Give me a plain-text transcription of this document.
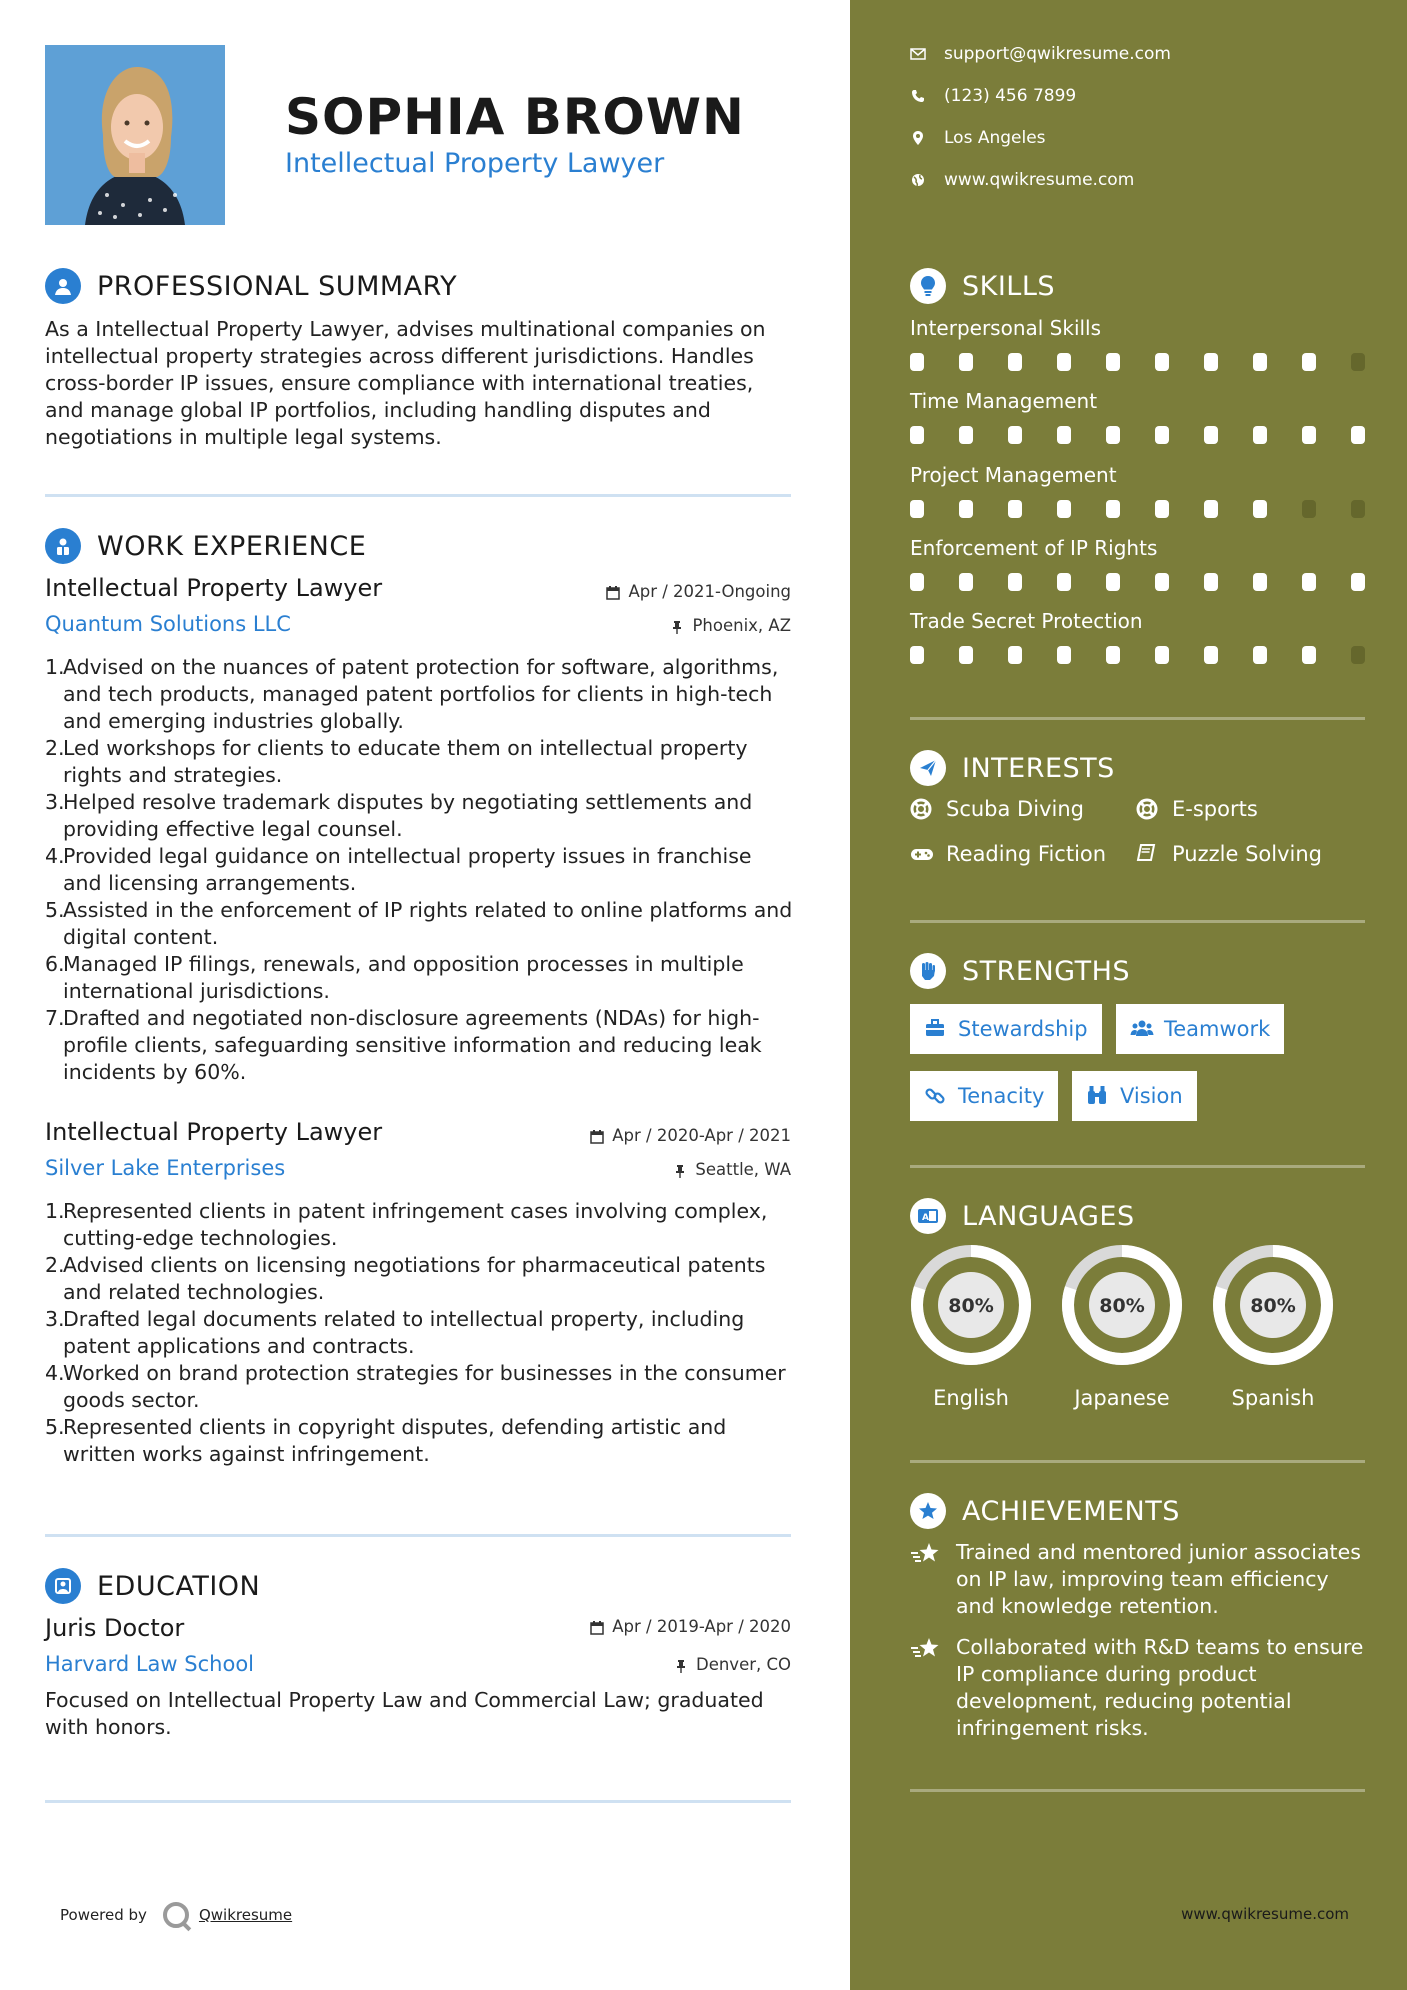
SOPHIA BROWN
Intellectual Property Lawyer
PROFESSIONAL SUMMARY
As a Intellectual Property Lawyer, advises multinational companies on intellectual property strategies across different jurisdictions. Handles cross-border IP issues, ensure compliance with international treaties, and manage global IP portfolios, including handling disputes and negotiations in multiple legal systems.
WORK EXPERIENCE
Intellectual Property Lawyer	Apr / 2021-Ongoing
Quantum Solutions LLC	Phoenix, AZ
1.
Advised on the nuances of patent protection for software, algorithms, and tech products, managed patent portfolios for clients in high-tech and emerging industries globally.
2.
Led workshops for clients to educate them on intellectual property rights and strategies.
3.
Helped resolve trademark disputes by negotiating settlements and providing effective legal counsel.
4.
Provided legal guidance on intellectual property issues in franchise and licensing arrangements.
5.
Assisted in the enforcement of IP rights related to online platforms and digital content.
6.
Managed IP filings, renewals, and opposition processes in multiple international jurisdictions.
7.
Drafted and negotiated non-disclosure agreements (NDAs) for high-profile clients, safeguarding sensitive information and reducing leak incidents by 60%.
Intellectual Property Lawyer	Apr / 2020-Apr / 2021
Silver Lake Enterprises	Seattle, WA
1.
Represented clients in patent infringement cases involving complex, cutting-edge technologies.
2.
Advised clients on licensing negotiations for pharmaceutical patents and related technologies.
3.
Drafted legal documents related to intellectual property, including patent applications and contracts.
4.
Worked on brand protection strategies for businesses in the consumer goods sector.
5.
Represented clients in copyright disputes, defending artistic and written works against infringement.
EDUCATION
Juris Doctor	Apr / 2019-Apr / 2020
Harvard Law School	Denver, CO
Focused on Intellectual Property Law and Commercial Law; graduated with honors.
Powered by	Qwikresume
support@qwikresume.com
(123) 456 7899
Los Angeles
www.qwikresume.com
SKILLS
Interpersonal Skills
Time Management
Project Management
Enforcement of IP Rights
Trade Secret Protection
INTERESTS
Scuba Diving	E-sports
Reading Fiction	Puzzle Solving
STRENGTHS
Stewardship	Teamwork
Tenacity	Vision
A LANGUAGES
80%
English
80%
Japanese
80%
Spanish
ACHIEVEMENTS
Trained and mentored junior associates on IP law, improving team efficiency and knowledge retention.
Collaborated with R&D teams to ensure IP compliance during product development, reducing potential infringement risks.
www.qwikresume.com
